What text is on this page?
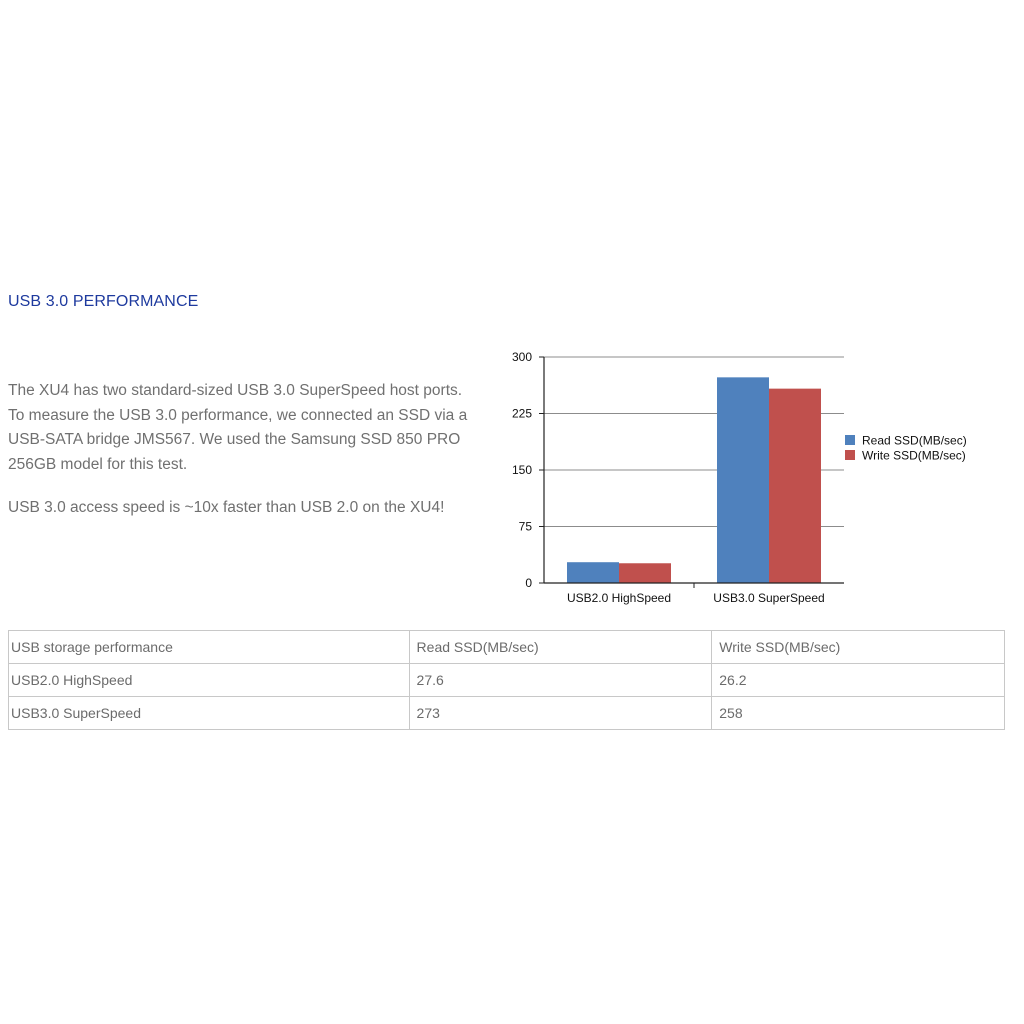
USB 3.0 PERFORMANCE

The XU4 has two standard-sized USB 3.0 SuperSpeed host ports. To measure the USB 3.0 performance, we connected an SSD via a USB-SATA bridge JMS567. We used the Samsung SSD 850 PRO 256GB model for this test.

USB 3.0 access speed is ~10x faster than USB 2.0 on the XU4!

0
75
150
225
300
USB2.0 HighSpeed	USB3.0 SuperSpeed
Read SSD(MB/sec)
Write SSD(MB/sec)
USB storage performance	Read SSD(MB/sec)	Write SSD(MB/sec)
USB2.0 HighSpeed	27.6	26.2
USB3.0 SuperSpeed	273	258
